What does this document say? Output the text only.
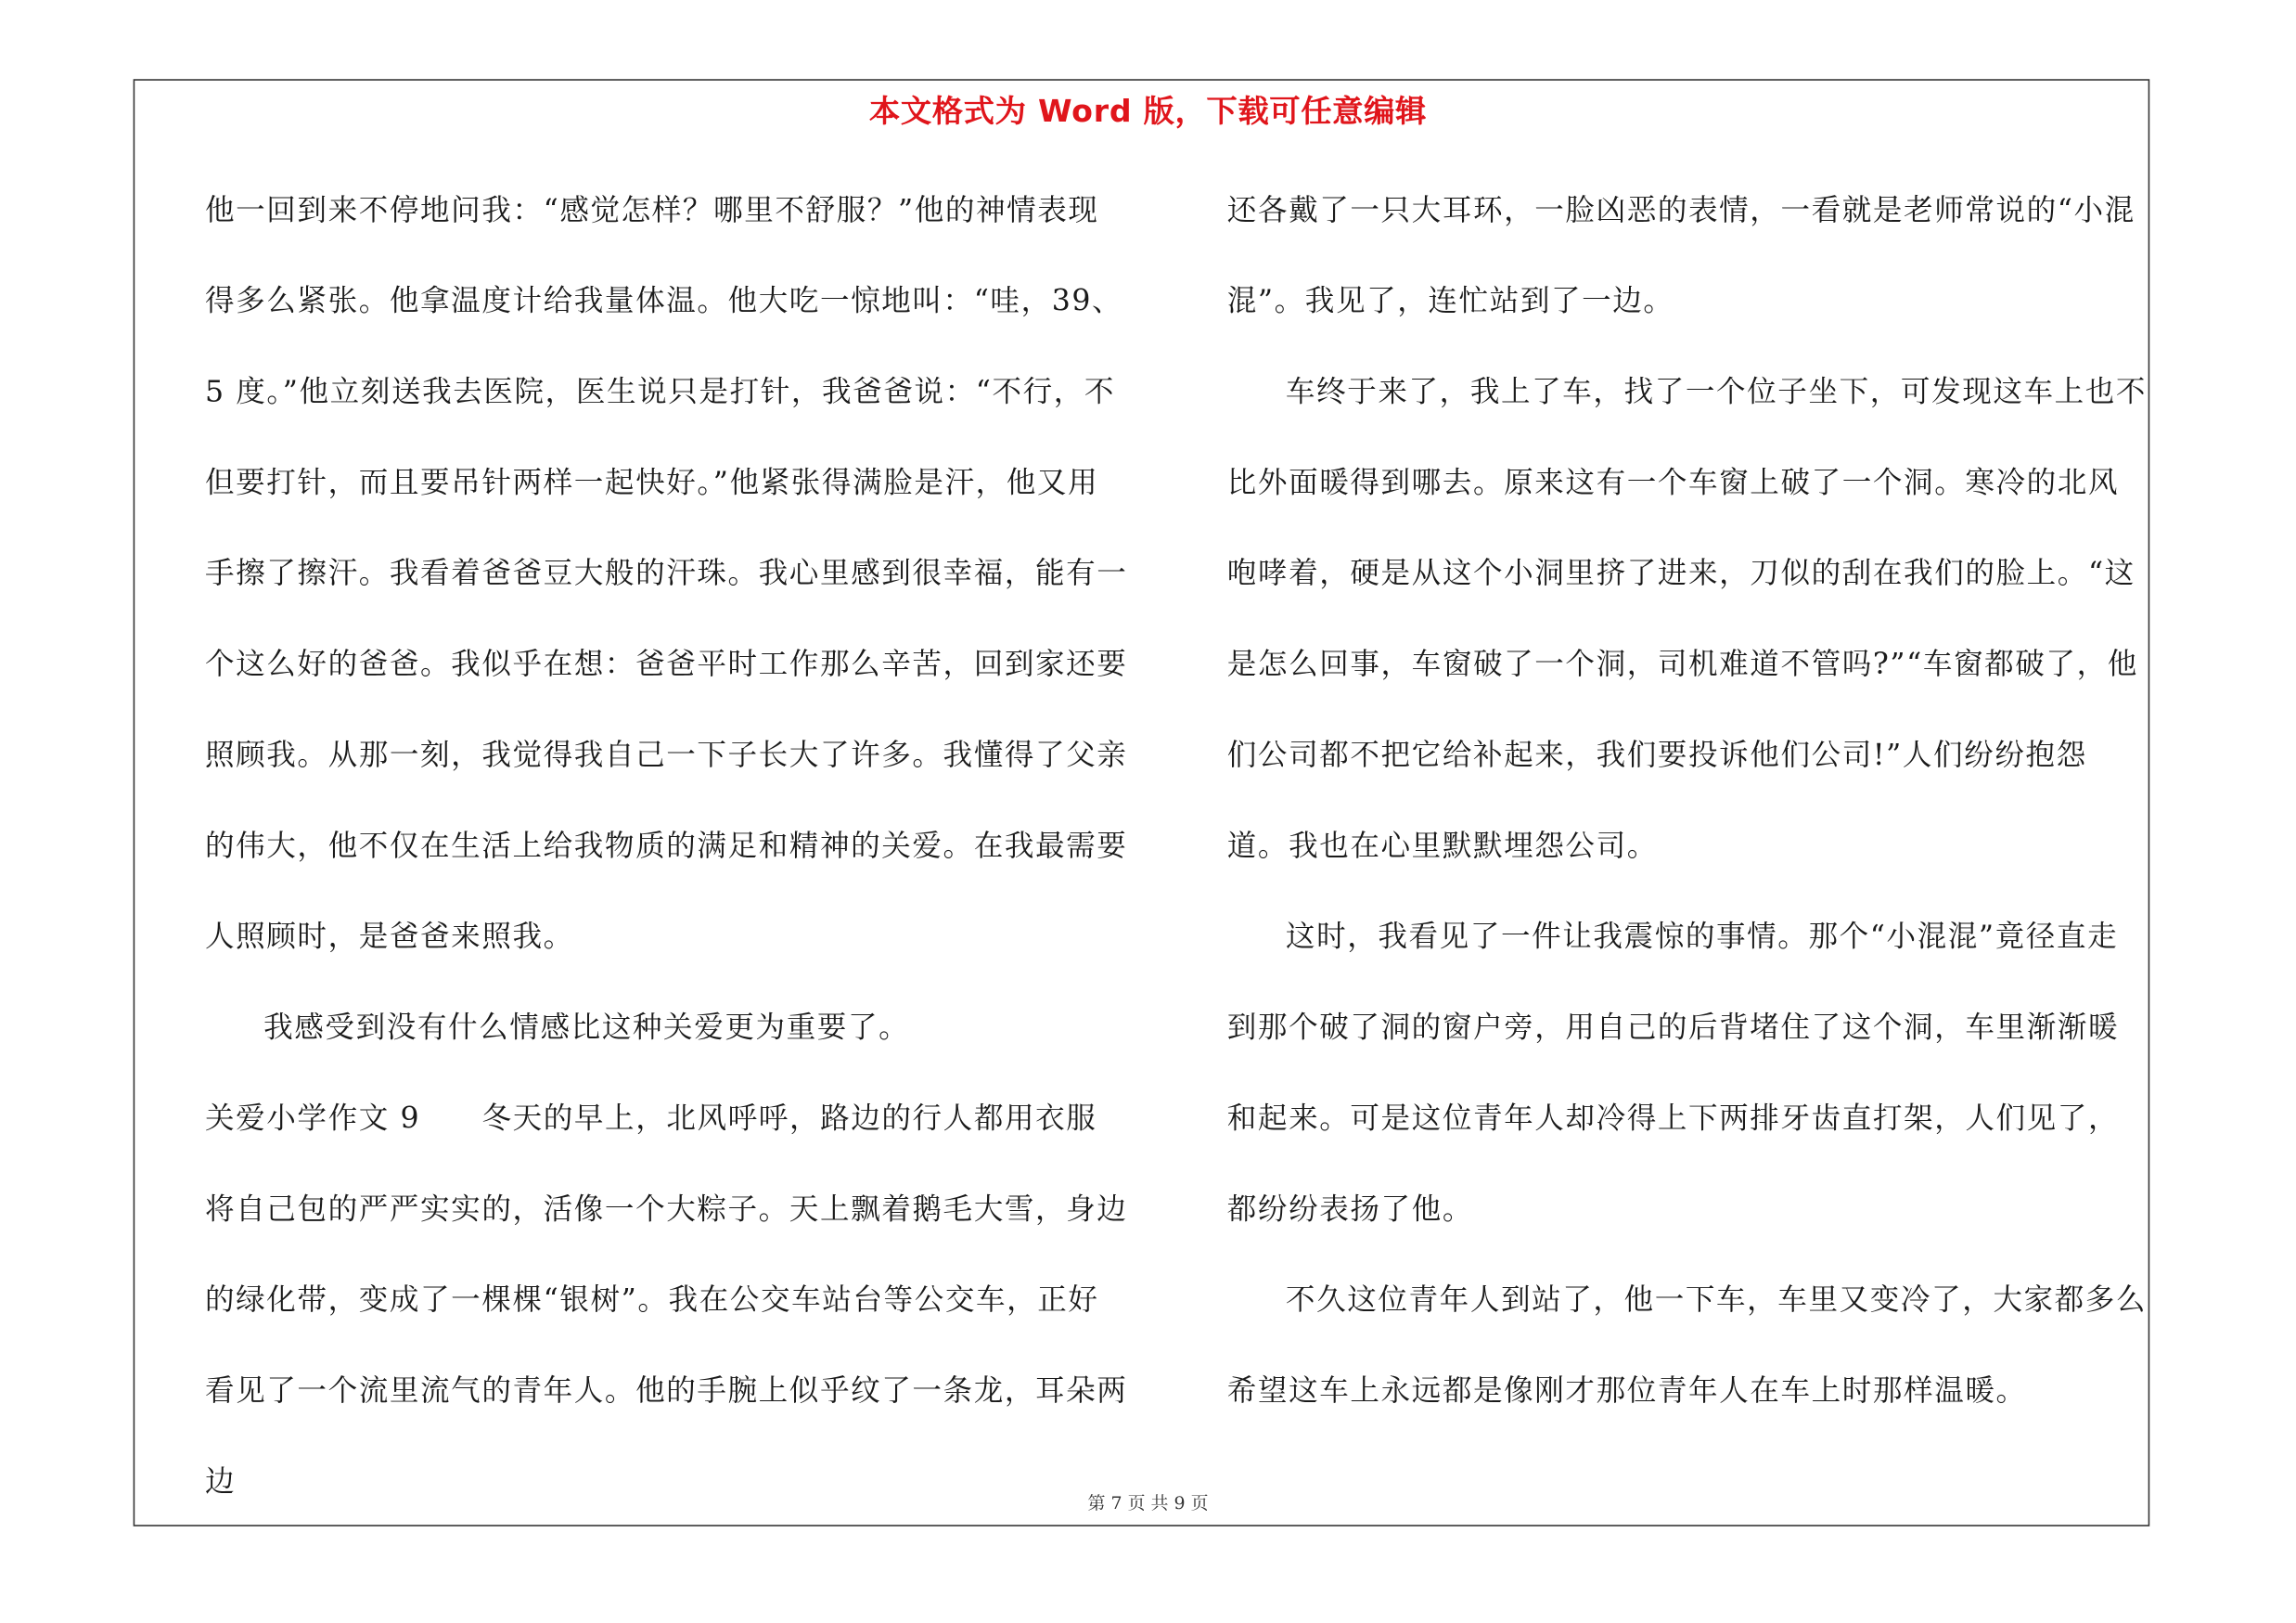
本文格式为 Word 版，下载可任意编辑

他一回到来不停地问我：“感觉怎样？哪里不舒服？”他的神情表现得多么紧张。他拿温度计给我量体温。他大吃一惊地叫：“哇，39、5 度。”他立刻送我去医院，医生说只是打针，我爸爸说：“不行，不但要打针，而且要吊针两样一起快好。”他紧张得满脸是汗，他又用手擦了擦汗。我看着爸爸豆大般的汗珠。我心里感到很幸福，能有一个这么好的爸爸。我似乎在想：爸爸平时工作那么辛苦，回到家还要照顾我。从那一刻，我觉得我自己一下子长大了许多。我懂得了父亲的伟大，他不仅在生活上给我物质的满足和精神的关爱。在我最需要人照顾时，是爸爸来照我。

我感受到没有什么情感比这种关爱更为重要了。

关爱小学作文 9　　冬天的早上，北风呼呼，路边的行人都用衣服将自己包的严严实实的，活像一个大粽子。天上飘着鹅毛大雪，身边的绿化带，变成了一棵棵“银树”。我在公交车站台等公交车，正好看见了一个流里流气的青年人。他的手腕上似乎纹了一条龙，耳朵两边

还各戴了一只大耳环，一脸凶恶的表情，一看就是老师常说的“小混混”。我见了，连忙站到了一边。

车终于来了，我上了车，找了一个位子坐下，可发现这车上也不比外面暖得到哪去。原来这有一个车窗上破了一个洞。寒冷的北风咆哮着，硬是从这个小洞里挤了进来，刀似的刮在我们的脸上。“这是怎么回事，车窗破了一个洞，司机难道不管吗?”“车窗都破了，他们公司都不把它给补起来，我们要投诉他们公司!”人们纷纷抱怨道。我也在心里默默埋怨公司。

这时，我看见了一件让我震惊的事情。那个“小混混”竟径直走到那个破了洞的窗户旁，用自己的后背堵住了这个洞，车里渐渐暖和起来。可是这位青年人却冷得上下两排牙齿直打架，人们见了，都纷纷表扬了他。

不久这位青年人到站了，他一下车，车里又变冷了，大家都多么希望这车上永远都是像刚才那位青年人在车上时那样温暖。

第 7 页 共 9 页
